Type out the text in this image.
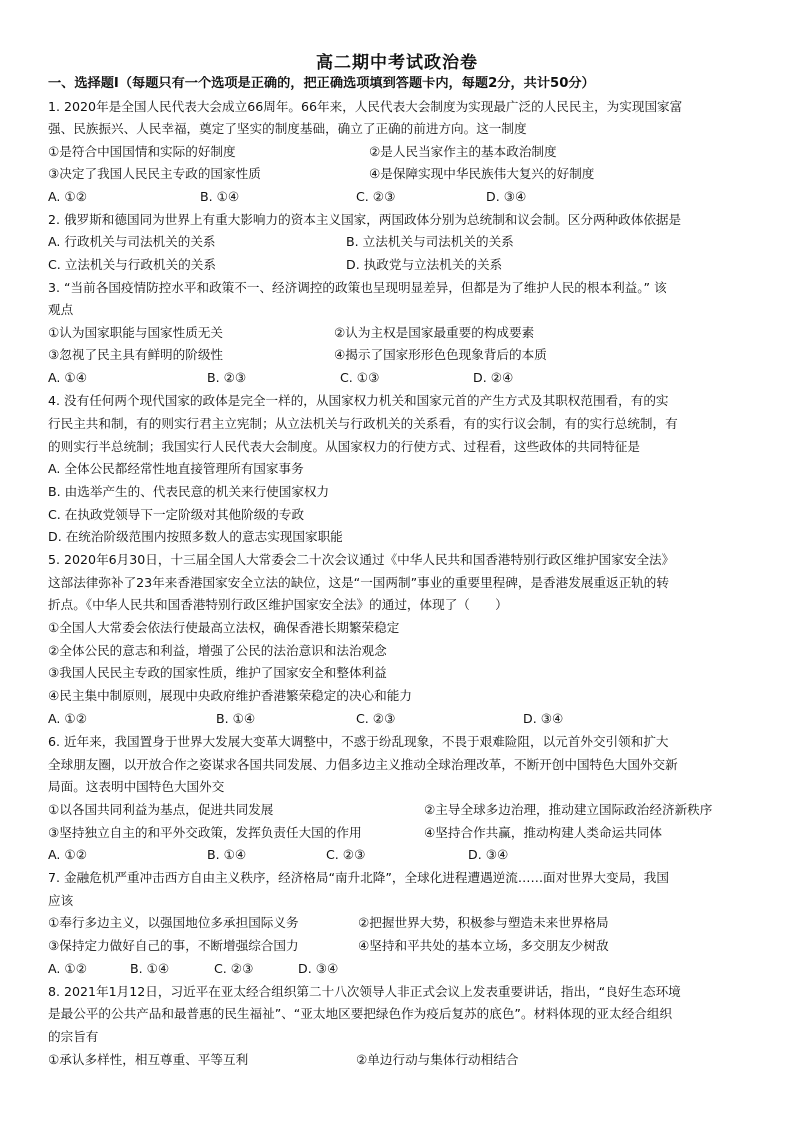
高二期中考试政治卷
一、选择题Ⅰ（每题只有一个选项是正确的，把正确选项填到答题卡内，每题2分，共计50分）
1. 2020年是全国人民代表大会成立66周年。66年来，人民代表大会制度为实现最广泛的人民民主，为实现国家富
强、民族振兴、人民幸福，奠定了坚实的制度基础，确立了正确的前进方向。这一制度
①是符合中国国情和实际的好制度	②是人民当家作主的基本政治制度
③决定了我国人民民主专政的国家性质	④是保障实现中华民族伟大复兴的好制度
A. ①②	B. ①④	C. ②③	D. ③④
2. 俄罗斯和德国同为世界上有重大影响力的资本主义国家，两国政体分别为总统制和议会制。区分两种政体依据是
A. 行政机关与司法机关的关系	B. 立法机关与司法机关的关系
C. 立法机关与行政机关的关系	D. 执政党与立法机关的关系
3. “当前各国疫情防控水平和政策不一、经济调控的政策也呈现明显差异，但都是为了维护人民的根本利益。” 该
观点
①认为国家职能与国家性质无关	②认为主权是国家最重要的构成要素
③忽视了民主具有鲜明的阶级性	④揭示了国家形形色色现象背后的本质
A. ①④	B. ②③	C. ①③	D. ②④
4. 没有任何两个现代国家的政体是完全一样的，从国家权力机关和国家元首的产生方式及其职权范围看，有的实
行民主共和制，有的则实行君主立宪制；从立法机关与行政机关的关系看，有的实行议会制，有的实行总统制，有
的则实行半总统制；我国实行人民代表大会制度。从国家权力的行使方式、过程看，这些政体的共同特征是
A. 全体公民都经常性地直接管理所有国家事务
B. 由选举产生的、代表民意的机关来行使国家权力
C. 在执政党领导下一定阶级对其他阶级的专政
D. 在统治阶级范围内按照多数人的意志实现国家职能
5. 2020年6月30日，十三届全国人大常委会二十次会议通过《中华人民共和国香港特别行政区维护国家安全法》
这部法律弥补了23年来香港国家安全立法的缺位，这是“一国两制”事业的重要里程碑，是香港发展重返正轨的转
折点。《中华人民共和国香港特别行政区维护国家安全法》的通过，体现了（　　）
①全国人大常委会依法行使最高立法权，确保香港长期繁荣稳定
②全体公民的意志和利益，增强了公民的法治意识和法治观念
③我国人民民主专政的国家性质，维护了国家安全和整体利益
④民主集中制原则，展现中央政府维护香港繁荣稳定的决心和能力
A. ①②	B. ①④	C. ②③	D. ③④
6. 近年来，我国置身于世界大发展大变革大调整中，不惑于纷乱现象，不畏于艰难险阻，以元首外交引领和扩大
全球朋友圈，以开放合作之姿谋求各国共同发展、力倡多边主义推动全球治理改革，不断开创中国特色大国外交新
局面。这表明中国特色大国外交
①以各国共同利益为基点，促进共同发展	②主导全球多边治理，推动建立国际政治经济新秩序
③坚持独立自主的和平外交政策，发挥负责任大国的作用	④坚持合作共赢，推动构建人类命运共同体
A. ①②	B. ①④	C. ②③	D. ③④
7. 金融危机严重冲击西方自由主义秩序，经济格局“南升北降”，全球化进程遭遇逆流……面对世界大变局，我国
应该
①奉行多边主义，以强国地位多承担国际义务	②把握世界大势，积极参与塑造未来世界格局
③保持定力做好自己的事，不断增强综合国力	④坚持和平共处的基本立场，多交朋友少树敌
A. ①②	B. ①④	C. ②③	D. ③④
8. 2021年1月12日，习近平在亚太经合组织第二十八次领导人非正式会议上发表重要讲话，指出，“良好生态环境
是最公平的公共产品和最普惠的民生福祉”、“亚太地区要把绿色作为疫后复苏的底色”。材料体现的亚太经合组织
的宗旨有
①承认多样性，相互尊重、平等互利	②单边行动与集体行动相结合
